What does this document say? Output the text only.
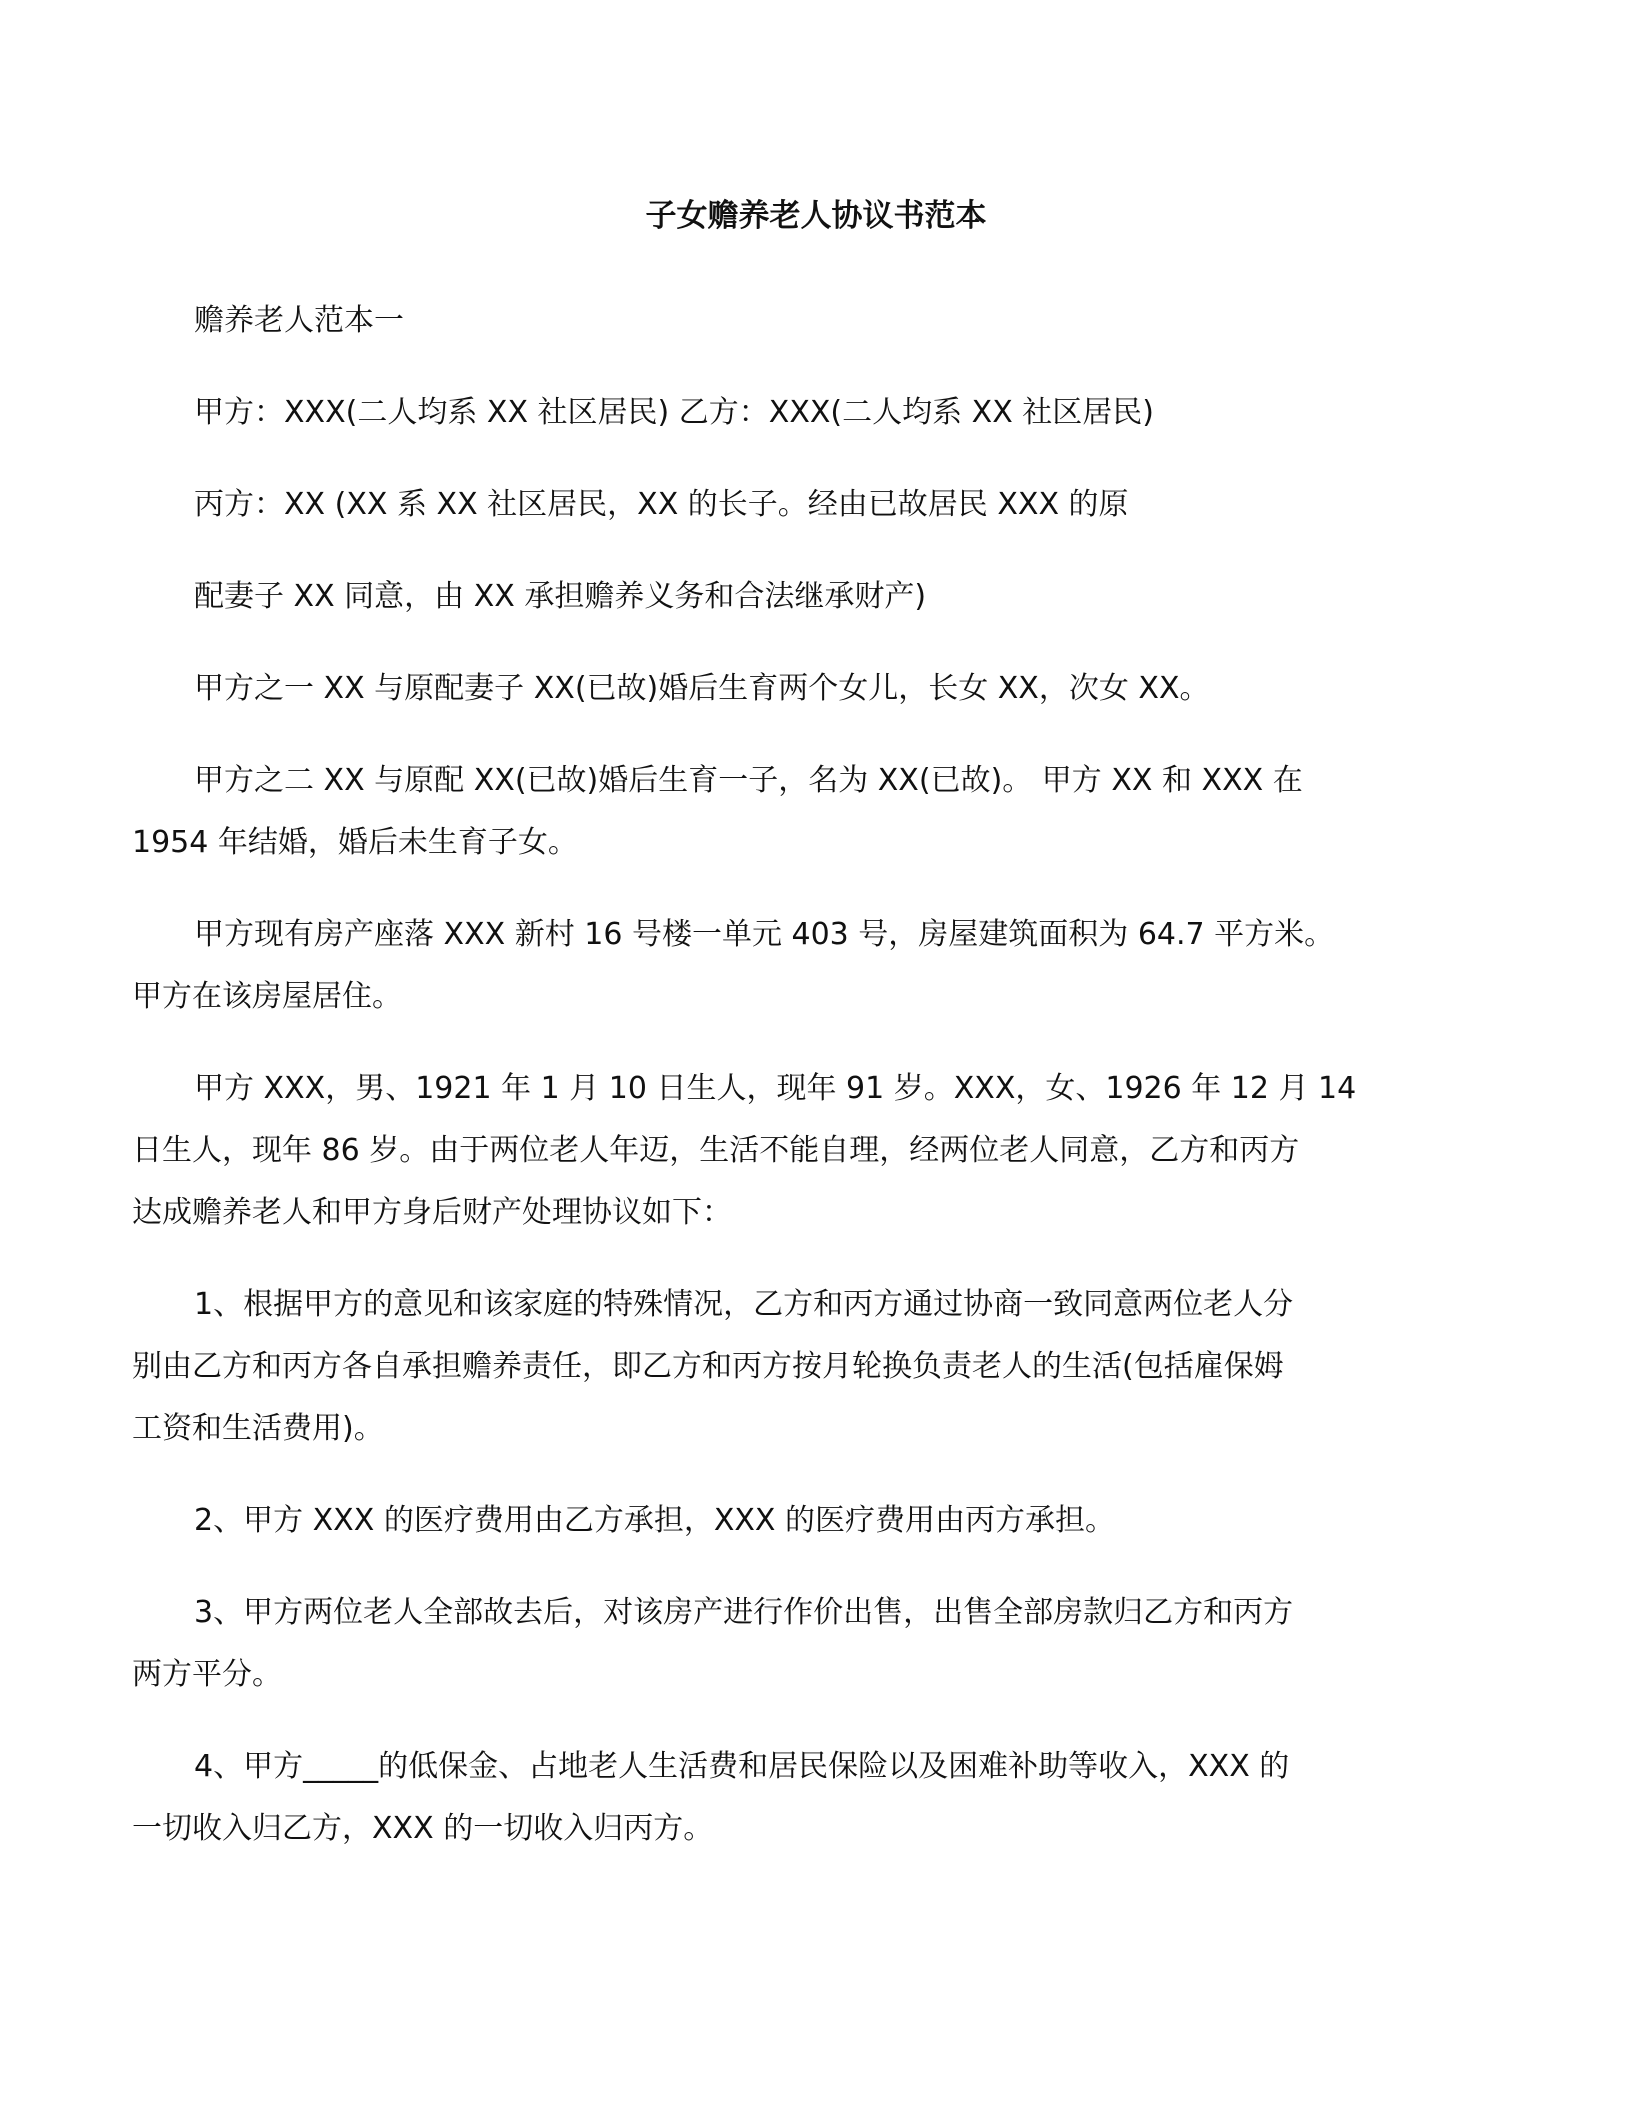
子女赡养老人协议书范本
赡养老人范本一
甲方：XXX(二人均系 XX 社区居民) 乙方：XXX(二人均系 XX 社区居民)
丙方：XX (XX 系 XX 社区居民，XX 的长子。经由已故居民 XXX 的原
配妻子 XX 同意，由 XX 承担赡养义务和合法继承财产)
甲方之一 XX 与原配妻子 XX(已故)婚后生育两个女儿，长女 XX，次女 XX。
甲方之二 XX 与原配 XX(已故)婚后生育一子，名为 XX(已故)。 甲方 XX 和 XXX 在
1954 年结婚，婚后未生育子女。
甲方现有房产座落 XXX 新村 16 号楼一单元 403 号，房屋建筑面积为 64.7 平方米。
甲方在该房屋居住。
甲方 XXX，男、1921 年 1 月 10 日生人，现年 91 岁。XXX，女、1926 年 12 月 14
日生人，现年 86 岁。由于两位老人年迈，生活不能自理，经两位老人同意，乙方和丙方
达成赡养老人和甲方身后财产处理协议如下：
1、根据甲方的意见和该家庭的特殊情况，乙方和丙方通过协商一致同意两位老人分
别由乙方和丙方各自承担赡养责任，即乙方和丙方按月轮换负责老人的生活(包括雇保姆
工资和生活费用)。
2、甲方 XXX 的医疗费用由乙方承担，XXX 的医疗费用由丙方承担。
3、甲方两位老人全部故去后，对该房产进行作价出售，出售全部房款归乙方和丙方
两方平分。
4、甲方_____的低保金、占地老人生活费和居民保险以及困难补助等收入，XXX 的
一切收入归乙方，XXX 的一切收入归丙方。
